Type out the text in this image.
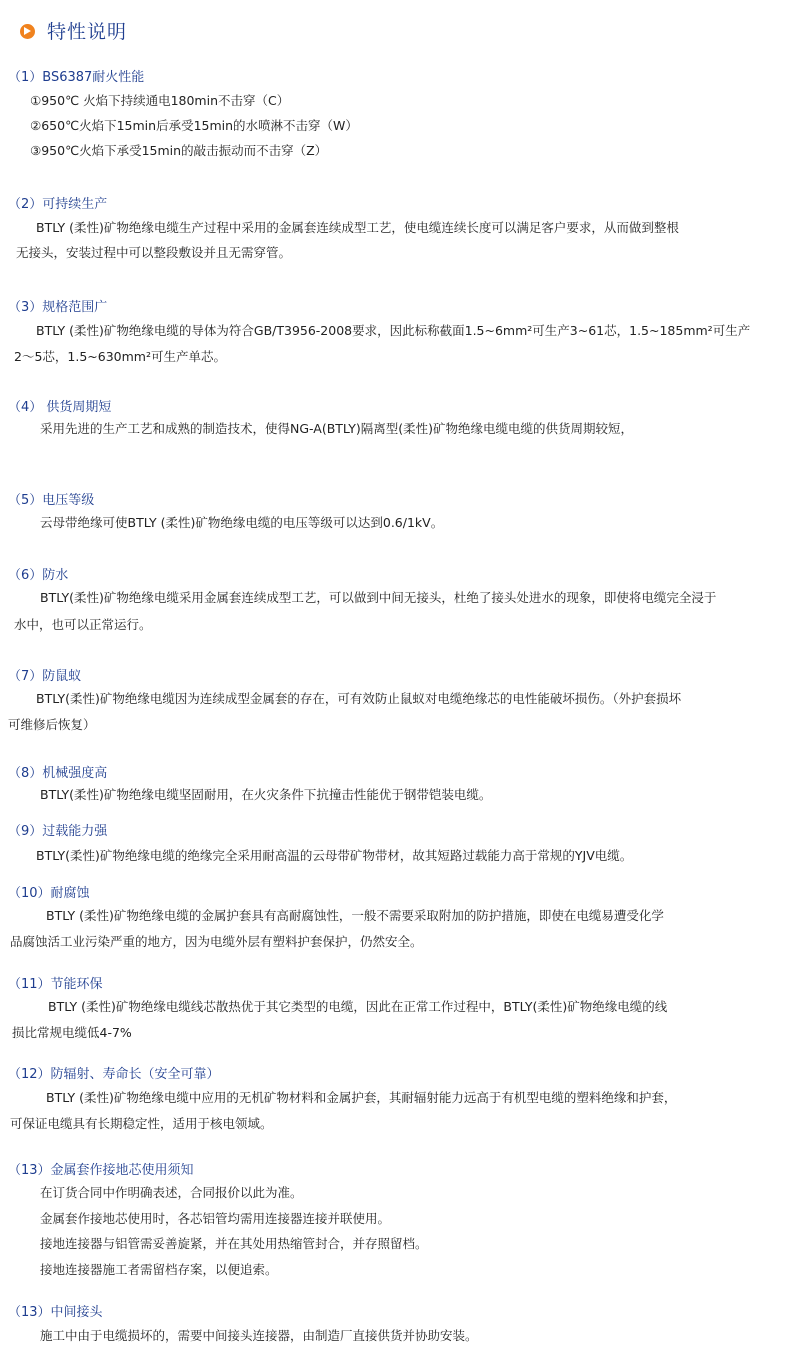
特性说明
（1）BS6387耐火性能
①950℃ 火焰下持续通电180min不击穿（C）
②650℃火焰下15min后承受15min的水喷淋不击穿（W）
③950℃火焰下承受15min的敲击振动而不击穿（Z）
（2）可持续生产
BTLY (柔性)矿物绝缘电缆生产过程中采用的金属套连续成型工艺，使电缆连续长度可以满足客户要求，从而做到整根
无接头，安装过程中可以整段敷设并且无需穿管。
（3）规格范围广
BTLY (柔性)矿物绝缘电缆的导体为符合GB/T3956-2008要求，因此标称截面1.5~6mm²可生产3~61芯，1.5~185mm²可生产
2～5芯，1.5~630mm²可生产单芯。
（4） 供货周期短
采用先进的生产工艺和成熟的制造技术，使得NG-A(BTLY)隔离型(柔性)矿物绝缘电缆电缆的供货周期较短，
（5）电压等级
云母带绝缘可使BTLY (柔性)矿物绝缘电缆的电压等级可以达到0.6/1kV。
（6）防水
BTLY(柔性)矿物绝缘电缆采用金属套连续成型工艺，可以做到中间无接头，杜绝了接头处进水的现象，即使将电缆完全浸于
水中，也可以正常运行。
（7）防鼠蚁
BTLY(柔性)矿物绝缘电缆因为连续成型金属套的存在，可有效防止鼠蚁对电缆绝缘芯的电性能破坏损伤。（外护套损坏
可维修后恢复）
（8）机械强度高
BTLY(柔性)矿物绝缘电缆坚固耐用，在火灾条件下抗撞击性能优于钢带铠装电缆。
（9）过载能力强
BTLY(柔性)矿物绝缘电缆的绝缘完全采用耐高温的云母带矿物带材，故其短路过载能力高于常规的YJV电缆。
（10）耐腐蚀
BTLY (柔性)矿物绝缘电缆的金属护套具有高耐腐蚀性，一般不需要采取附加的防护措施，即使在电缆易遭受化学
品腐蚀活工业污染严重的地方，因为电缆外层有塑料护套保护，仍然安全。
（11）节能环保
BTLY (柔性)矿物绝缘电缆线芯散热优于其它类型的电缆，因此在正常工作过程中，BTLY(柔性)矿物绝缘电缆的线
损比常规电缆低4-7%
（12）防辐射、寿命长（安全可靠）
BTLY (柔性)矿物绝缘电缆中应用的无机矿物材料和金属护套，其耐辐射能力远高于有机型电缆的塑料绝缘和护套，
可保证电缆具有长期稳定性，适用于核电领域。
（13）金属套作接地芯使用须知
在订货合同中作明确表述，合同报价以此为准。
金属套作接地芯使用时，各芯铝管均需用连接器连接并联使用。
接地连接器与铝管需妥善旋紧，并在其处用热缩管封合，并存照留档。
接地连接器施工者需留档存案，以便追索。
（13）中间接头
施工中由于电缆损坏的，需要中间接头连接器，由制造厂直接供货并协助安装。
